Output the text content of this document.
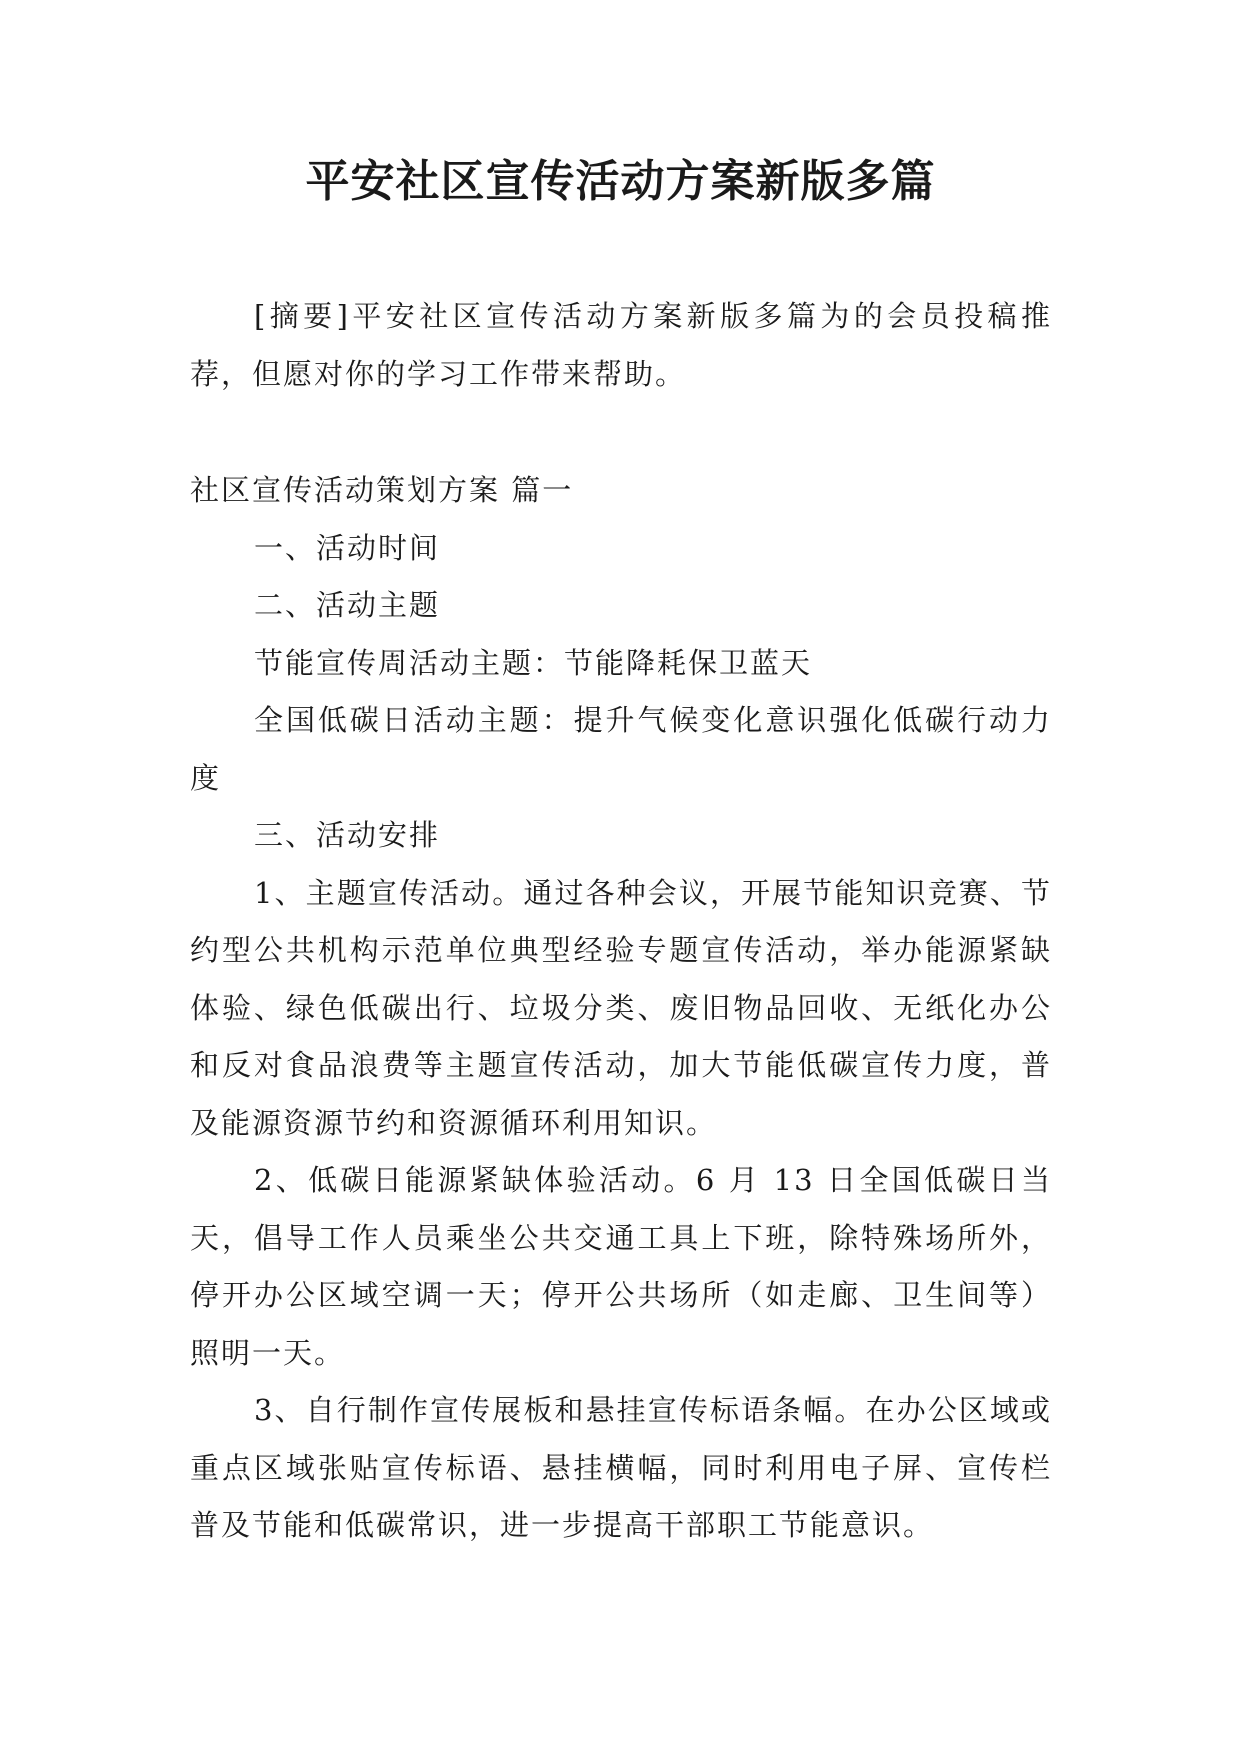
平安社区宣传活动方案新版多篇

[摘要]平安社区宣传活动方案新版多篇为的会员投稿推荐，但愿对你的学习工作带来帮助。

社区宣传活动策划方案 篇一

一、活动时间

二、活动主题

节能宣传周活动主题：节能降耗保卫蓝天

全国低碳日活动主题：提升气候变化意识强化低碳行动力度

三、活动安排

1、主题宣传活动。通过各种会议，开展节能知识竞赛、节约型公共机构示范单位典型经验专题宣传活动，举办能源紧缺体验、绿色低碳出行、垃圾分类、废旧物品回收、无纸化办公和反对食品浪费等主题宣传活动，加大节能低碳宣传力度，普及能源资源节约和资源循环利用知识。

2、低碳日能源紧缺体验活动。6 月 13 日全国低碳日当天，倡导工作人员乘坐公共交通工具上下班，除特殊场所外，停开办公区域空调一天；停开公共场所（如走廊、卫生间等）照明一天。

3、自行制作宣传展板和悬挂宣传标语条幅。在办公区域或重点区域张贴宣传标语、悬挂横幅，同时利用电子屏、宣传栏普及节能和低碳常识，进一步提高干部职工节能意识。
